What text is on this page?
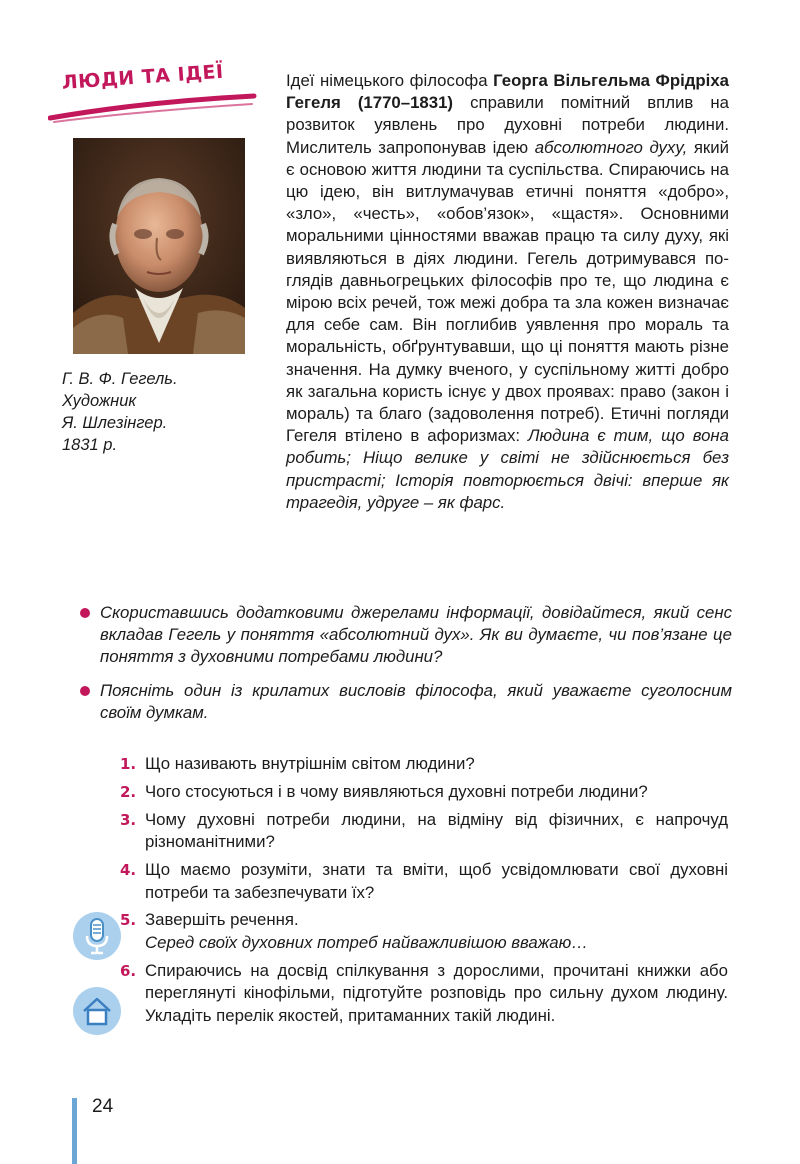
ЛЮДИ ТА ІДЕЇ
Г. В. Ф. Гегель.
Художник
Я. Шлезінгер.
1831 р.
Ідеї німецького філософа Георга Вільгельма Фрідріха Гегеля (1770–1831) справили помітний вплив на розвиток уявлень про духовні потреби людини. Мислитель запропонував ідею абсолютного духу, який є основою життя людини та суспільства. Спираючись на цю ідею, він витлумачував етичні поняття «добро», «зло», «честь», «обов’язок», «щастя». Основними моральними цінностями вважав працю та силу духу, які виявляються в діях людини. Гегель дотримувався поглядів давньогрецьких філософів про те, що людина є мірою всіх речей, тож межі добра та зла кожен визначає для себе сам. Він поглибив уявлення про мораль та моральність, обґрунтувавши, що ці поняття мають різне значення. На думку вченого, у суспільному житті добро як загальна користь існує у двох проявах: право (закон і мораль) та благо (задоволення потреб). Етичні погляди Гегеля втілено в афоризмах: Людина є тим, що вона робить; Ніщо велике у світі не здійснюється без пристрасті; Історія повторюється двічі: вперше як трагедія, удруге – як фарс.
Скориставшись додатковими джерелами інформації, довідайтеся, який сенс вкладав Гегель у поняття «абсолютний дух». Як ви думаєте, чи пов’язане це поняття з духовними потребами людини?
Поясніть один із крилатих висловів філософа, який уважаєте суголосним своїм думкам.
1. Що називають внутрішнім світом людини?
2. Чого стосуються і в чому виявляються духовні потреби людини?
3. Чому духовні потреби людини, на відміну від фізичних, є напрочуд різноманітними?
4. Що маємо розуміти, знати та вміти, щоб усвідомлювати свої духовні потреби та забезпечувати їх?
5. Завершіть речення.
Серед своїх духовних потреб найважливішою вважаю…
6. Спираючись на досвід спілкування з дорослими, прочитані книжки або переглянуті кінофільми, підготуйте розповідь про сильну духом людину. Укладіть перелік якостей, притаманних такій людині.
24
